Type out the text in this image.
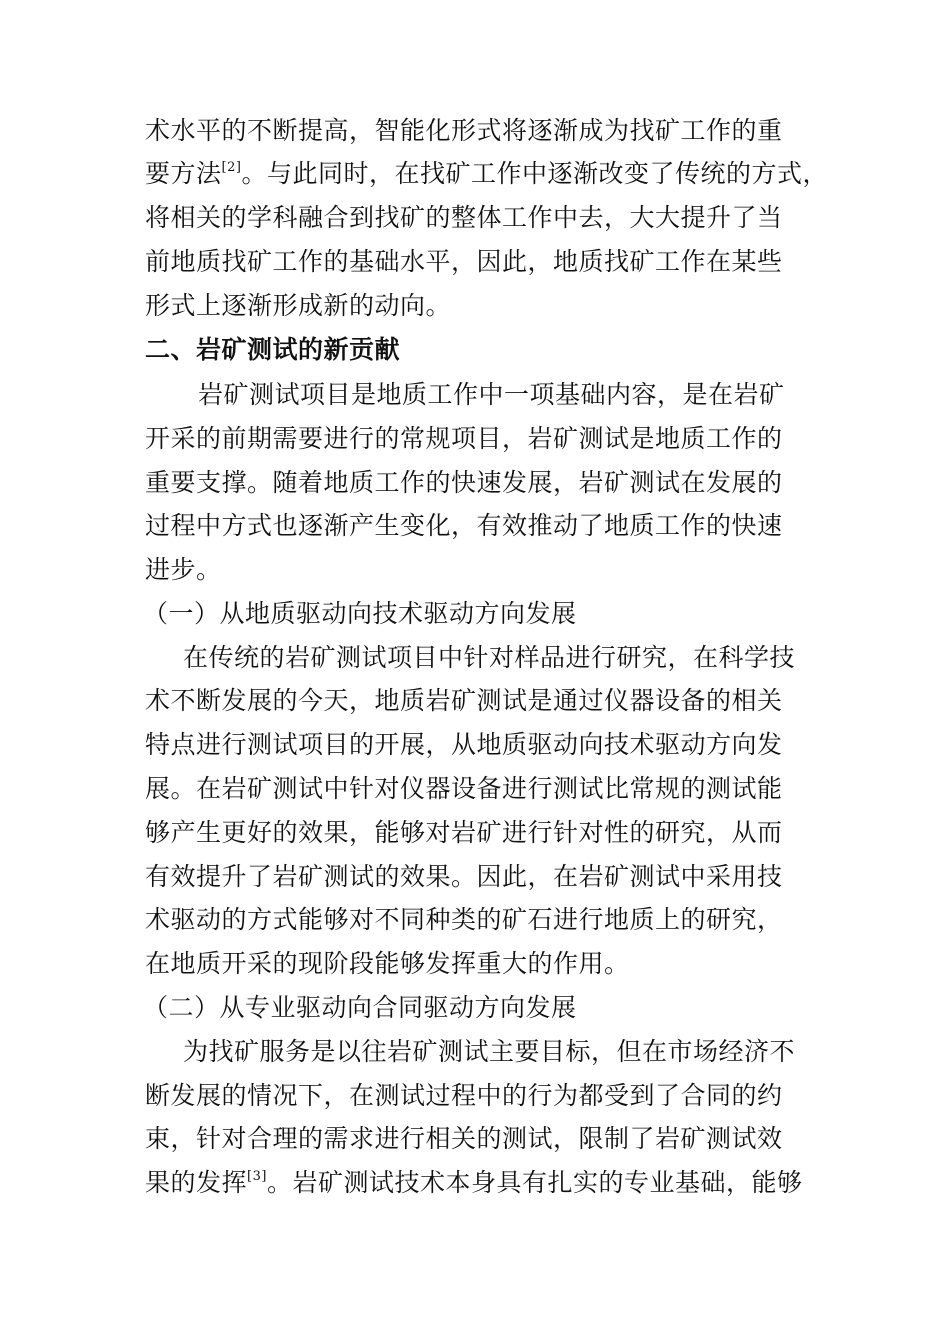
术水平的不断提高，智能化形式将逐渐成为找矿工作的重
要方法[2]。与此同时，在找矿工作中逐渐改变了传统的方式，
将相关的学科融合到找矿的整体工作中去，大大提升了当
前地质找矿工作的基础水平，因此，地质找矿工作在某些
形式上逐渐形成新的动向。
二、岩矿测试的新贡献
岩矿测试项目是地质工作中一项基础内容，是在岩矿
开采的前期需要进行的常规项目，岩矿测试是地质工作的
重要支撑。随着地质工作的快速发展，岩矿测试在发展的
过程中方式也逐渐产生变化，有效推动了地质工作的快速
进步。
（一）从地质驱动向技术驱动方向发展
在传统的岩矿测试项目中针对样品进行研究，在科学技
术不断发展的今天，地质岩矿测试是通过仪器设备的相关
特点进行测试项目的开展，从地质驱动向技术驱动方向发
展。在岩矿测试中针对仪器设备进行测试比常规的测试能
够产生更好的效果，能够对岩矿进行针对性的研究，从而
有效提升了岩矿测试的效果。因此，在岩矿测试中采用技
术驱动的方式能够对不同种类的矿石进行地质上的研究，
在地质开采的现阶段能够发挥重大的作用。
（二）从专业驱动向合同驱动方向发展
为找矿服务是以往岩矿测试主要目标，但在市场经济不
断发展的情况下，在测试过程中的行为都受到了合同的约
束，针对合理的需求进行相关的测试，限制了岩矿测试效
果的发挥[3]。岩矿测试技术本身具有扎实的专业基础，能够
